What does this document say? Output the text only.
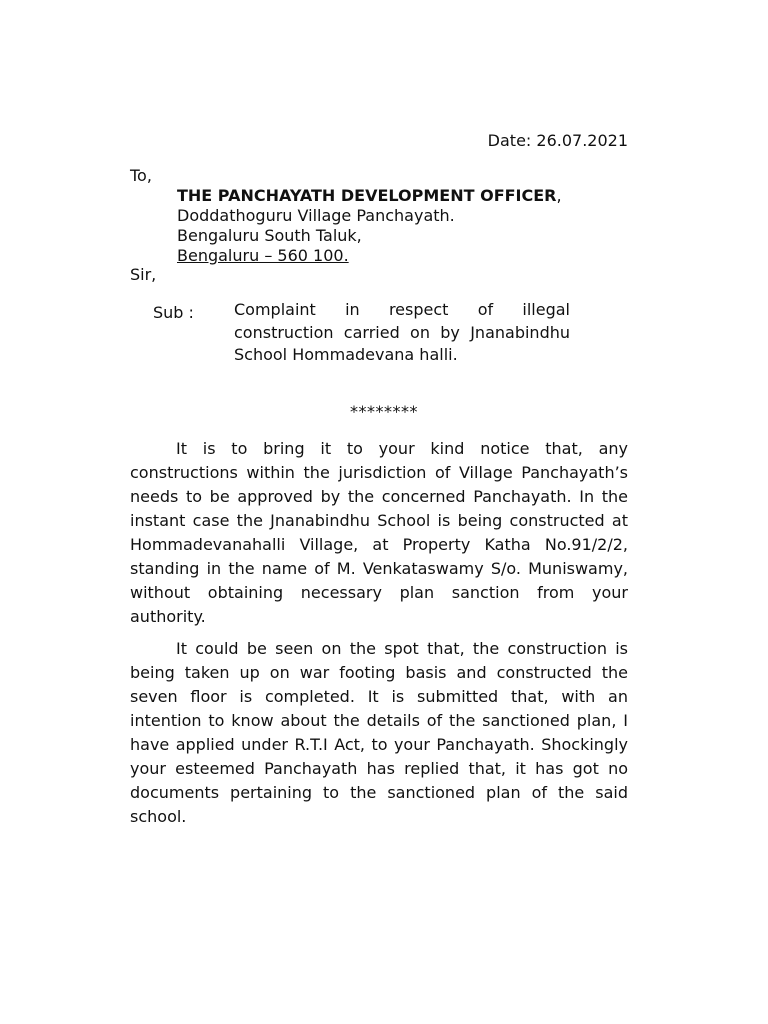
Date: 26.07.2021
To,
THE PANCHAYATH DEVELOPMENT OFFICER,
Doddathoguru Village Panchayath.
Bengaluru South Taluk,
Bengaluru – 560 100.
Sir,
Sub :	Complaint in respect of illegal construction carried on by Jnanabindhu School Hommadevana halli.
********

It is to bring it to your kind notice that, any constructions within the jurisdiction of Village Panchayath’s needs to be approved by the concerned Panchayath. In the instant case the Jnanabindhu School is being constructed at Hommadevanahalli Village, at Property Katha No.91/2/2, standing in the name of M. Venkataswamy S/o. Muniswamy, without obtaining necessary plan sanction from your authority.

It could be seen on the spot that, the construction is being taken up on war footing basis and constructed the seven floor is completed. It is submitted that, with an intention to know about the details of the sanctioned plan, I have applied under R.T.I Act, to your Panchayath. Shockingly your esteemed Panchayath has replied that, it has got no documents pertaining to the sanctioned plan of the said school.
